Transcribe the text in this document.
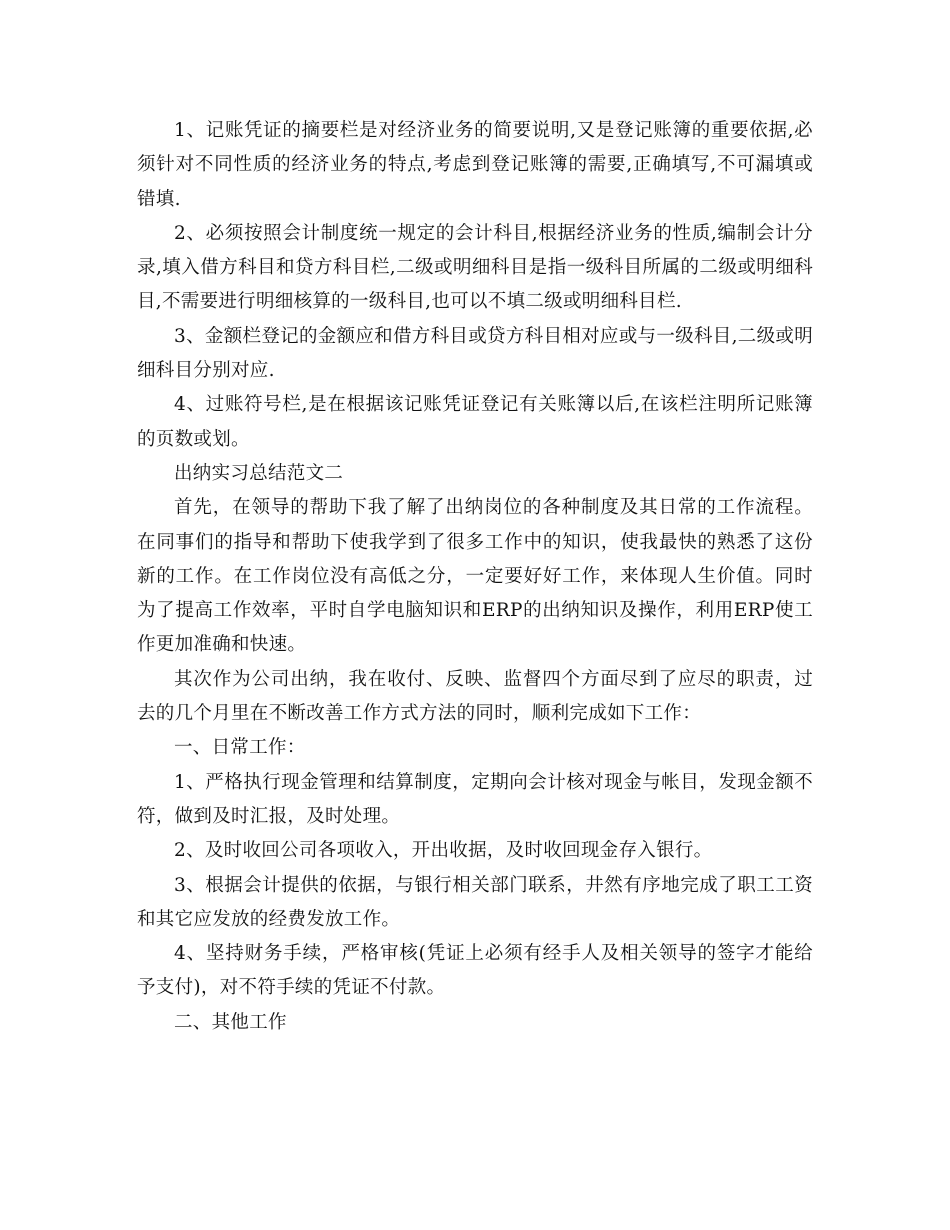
1、记账凭证的摘要栏是对经济业务的简要说明,又是登记账簿的重要依据,必须针对不同性质的经济业务的特点,考虑到登记账簿的需要,正确填写,不可漏填或错填.

2、必须按照会计制度统一规定的会计科目,根据经济业务的性质,编制会计分录,填入借方科目和贷方科目栏,二级或明细科目是指一级科目所属的二级或明细科目,不需要进行明细核算的一级科目,也可以不填二级或明细科目栏.

3、金额栏登记的金额应和借方科目或贷方科目相对应或与一级科目,二级或明细科目分别对应.

4、过账符号栏,是在根据该记账凭证登记有关账簿以后,在该栏注明所记账簿的页数或划。

出纳实习总结范文二

首先，在领导的帮助下我了解了出纳岗位的各种制度及其日常的工作流程。在同事们的指导和帮助下使我学到了很多工作中的知识，使我最快的熟悉了这份新的工作。在工作岗位没有高低之分，一定要好好工作，来体现人生价值。同时为了提高工作效率，平时自学电脑知识和ERP的出纳知识及操作，利用ERP使工作更加准确和快速。

其次作为公司出纳，我在收付、反映、监督四个方面尽到了应尽的职责，过去的几个月里在不断改善工作方式方法的同时，顺利完成如下工作：

一、日常工作：

1、严格执行现金管理和结算制度，定期向会计核对现金与帐目，发现金额不符，做到及时汇报，及时处理。

2、及时收回公司各项收入，开出收据，及时收回现金存入银行。

3、根据会计提供的依据，与银行相关部门联系，井然有序地完成了职工工资和其它应发放的经费发放工作。

4、坚持财务手续，严格审核(凭证上必须有经手人及相关领导的签字才能给予支付)，对不符手续的凭证不付款。

二、其他工作
